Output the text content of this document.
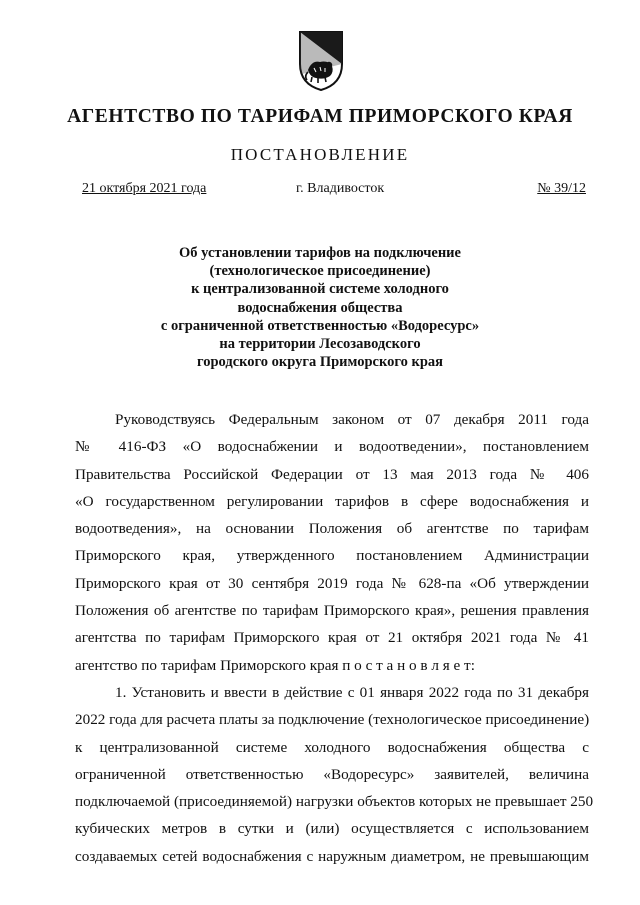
АГЕНТСТВО ПО ТАРИФАМ ПРИМОРСКОГО КРАЯ
ПОСТАНОВЛЕНИЕ
21 октября 2021 года	г. Владивосток	№ 39/12
Об установлении тарифов на подключение
(технологическое присоединение)
к централизованной системе холодного
водоснабжения общества
с ограниченной ответственностью «Водоресурс»
на территории Лесозаводского
городского округа Приморского края
Руководствуясь Федеральным законом от 07 декабря 2011 года
№ 416-ФЗ «О водоснабжении и водоотведении», постановлением
Правительства Российской Федерации от 13 мая 2013 года № 406
«О государственном регулировании тарифов в сфере водоснабжения и
водоотведения», на основании Положения об агентстве по тарифам
Приморского края, утвержденного постановлением Администрации
Приморского края от 30 сентября 2019 года № 628-па «Об утверждении
Положения об агентстве по тарифам Приморского края», решения правления
агентства по тарифам Приморского края от 21 октября 2021 года № 41
агентство по тарифам Приморского края п о с т а н о в л я е т:
1. Установить и ввести в действие с 01 января 2022 года по 31 декабря
2022 года для расчета платы за подключение (технологическое присоединение)
к централизованной системе холодного водоснабжения общества с
ограниченной ответственностью «Водоресурс» заявителей, величина
подключаемой (присоединяемой) нагрузки объектов которых не превышает 250
кубических метров в сутки и (или) осуществляется с использованием
создаваемых сетей водоснабжения с наружным диаметром, не превышающим
